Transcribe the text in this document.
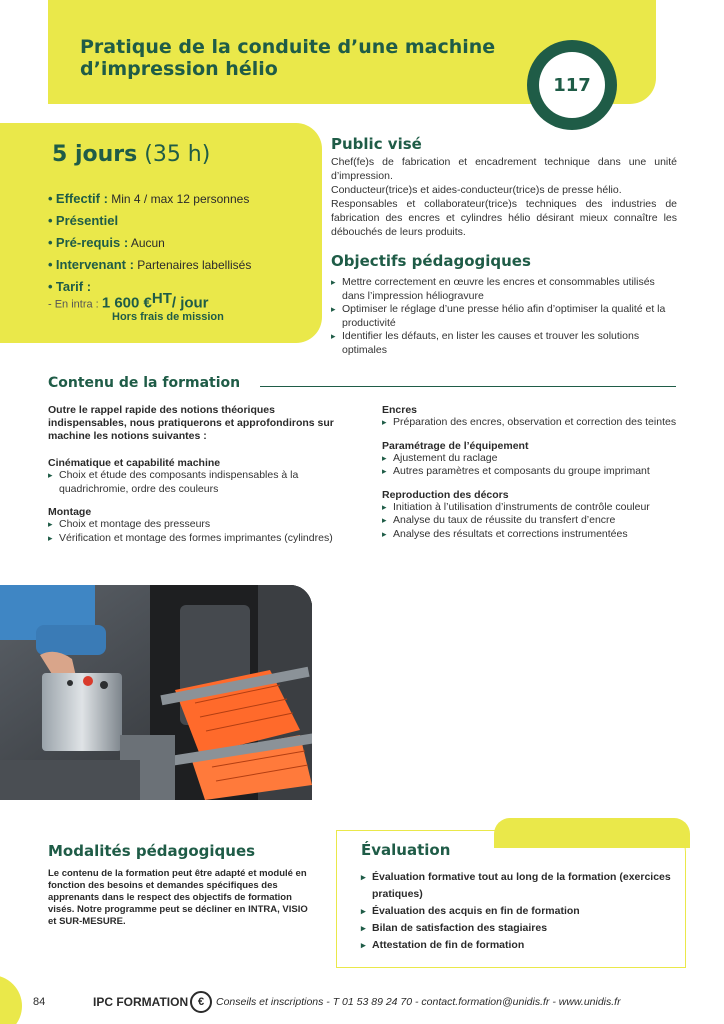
Pratique de la conduite d’une machine d’impression hélio
117
5 jours (35 h)
• Effectif : Min 4 / max 12 personnes
• Présentiel
• Pré-requis : Aucun
• Intervenant : Partenaires labellisés
• Tarif :
- En intra : 1 600 €$^{HT}$/ jour
Hors frais de mission
Public visé

Chef(fe)s de fabrication et encadrement technique dans une unité d’impression.

Conducteur(trice)s et aides-conducteur(trice)s de presse hélio.

Responsables et collaborateur(trice)s techniques des industries de fabrication des encres et cylindres hélio désirant mieux connaître les débouchés de leurs produits.

Objectifs pédagogiques
▸ Mettre correctement en œuvre les encres et consommables utilisés dans l’impression héliogravure
▸ Optimiser le réglage d’une presse hélio afin d’optimiser la qualité et la productivité
▸ Identifier les défauts, en lister les causes et trouver les solutions optimales
Contenu de la formation

Outre le rappel rapide des notions théoriques indispensables, nous pratiquerons et approfondirons sur machine les notions suivantes :

Cinématique et capabilité machine
▸ Choix et étude des composants indispensables à la quadrichromie, ordre des couleurs
Montage
▸ Choix et montage des presseurs
▸ Vérification et montage des formes imprimantes (cylindres)
Encres
▸ Préparation des encres, observation et correction des teintes
Paramétrage de l’équipement
▸ Ajustement du raclage
▸ Autres paramètres et composants du groupe imprimant
Reproduction des décors
▸ Initiation à l’utilisation d’instruments de contrôle couleur
▸ Analyse du taux de réussite du transfert d’encre
▸ Analyse des résultats et corrections instrumentées
Modalités pédagogiques

Le contenu de la formation peut être adapté et modulé en fonction des besoins et demandes spécifiques des apprenants dans le respect des objectifs de formation visés. Notre programme peut se décliner en INTRA, VISIO et SUR-MESURE.

Évaluation
▸ Évaluation formative tout au long de la formation (exercices pratiques)
▸ Évaluation des acquis en fin de formation
▸ Bilan de satisfaction des stagiaires
▸ Attestation de fin de formation
84	IPC FORMATION €	Conseils et inscriptions - T 01 53 89 24 70 - contact.formation@unidis.fr - www.unidis.fr
